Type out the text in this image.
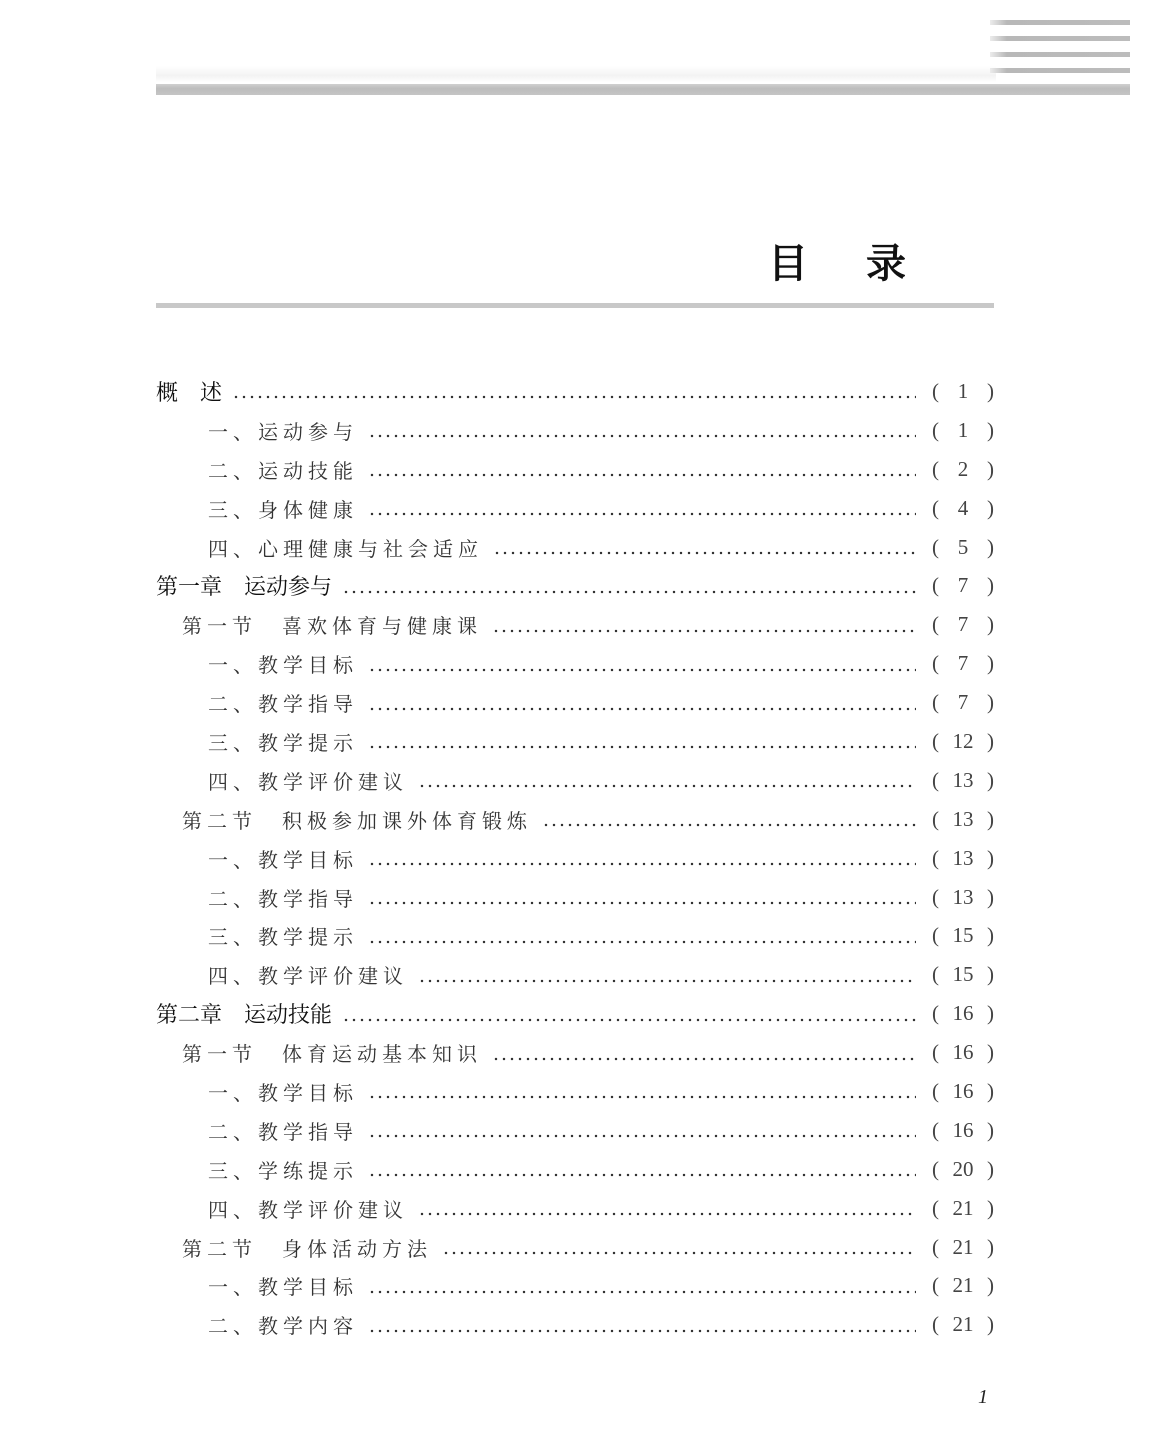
目 录
概　述	( 1 )
一、运动参与	( 1 )
二、运动技能	( 2 )
三、身体健康	( 4 )
四、心理健康与社会适应	( 5 )
第一章　运动参与	( 7 )
第一节　喜欢体育与健康课	( 7 )
一、教学目标	( 7 )
二、教学指导	( 7 )
三、教学提示	( 12 )
四、教学评价建议	( 13 )
第二节　积极参加课外体育锻炼	( 13 )
一、教学目标	( 13 )
二、教学指导	( 13 )
三、教学提示	( 15 )
四、教学评价建议	( 15 )
第二章　运动技能	( 16 )
第一节　体育运动基本知识	( 16 )
一、教学目标	( 16 )
二、教学指导	( 16 )
三、学练提示	( 20 )
四、教学评价建议	( 21 )
第二节　身体活动方法	( 21 )
一、教学目标	( 21 )
二、教学内容	( 21 )
1
